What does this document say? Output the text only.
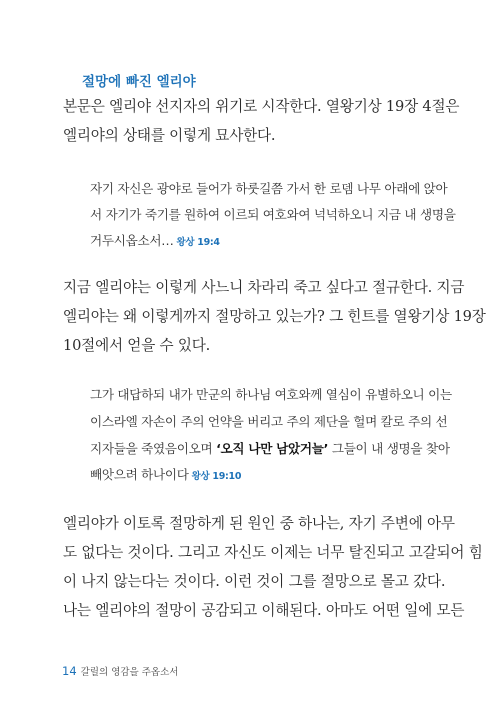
절망에 빠진 엘리야
본문은 엘리야 선지자의 위기로 시작한다. 열왕기상 19장 4절은
엘리야의 상태를 이렇게 묘사한다.
자기 자신은 광야로 들어가 하룻길쯤 가서 한 로뎀 나무 아래에 앉아
서 자기가 죽기를 원하여 이르되 여호와여 넉넉하오니 지금 내 생명을
거두시옵소서… 왕상 19:4
지금 엘리야는 이렇게 사느니 차라리 죽고 싶다고 절규한다. 지금
엘리야는 왜 이렇게까지 절망하고 있는가? 그 힌트를 열왕기상 19장
10절에서 얻을 수 있다.
그가 대답하되 내가 만군의 하나님 여호와께 열심이 유별하오니 이는
이스라엘 자손이 주의 언약을 버리고 주의 제단을 헐며 칼로 주의 선
지자들을 죽였음이오며 ‘오직 나만 남았거늘’ 그들이 내 생명을 찾아
빼앗으려 하나이다 왕상 19:10
엘리야가 이토록 절망하게 된 원인 중 하나는, 자기 주변에 아무
도 없다는 것이다. 그리고 자신도 이제는 너무 탈진되고 고갈되어 힘
이 나지 않는다는 것이다. 이런 것이 그를 절망으로 몰고 갔다.
나는 엘리야의 절망이 공감되고 이해된다. 아마도 어떤 일에 모든
14 갈릴의 영감을 주옵소서
